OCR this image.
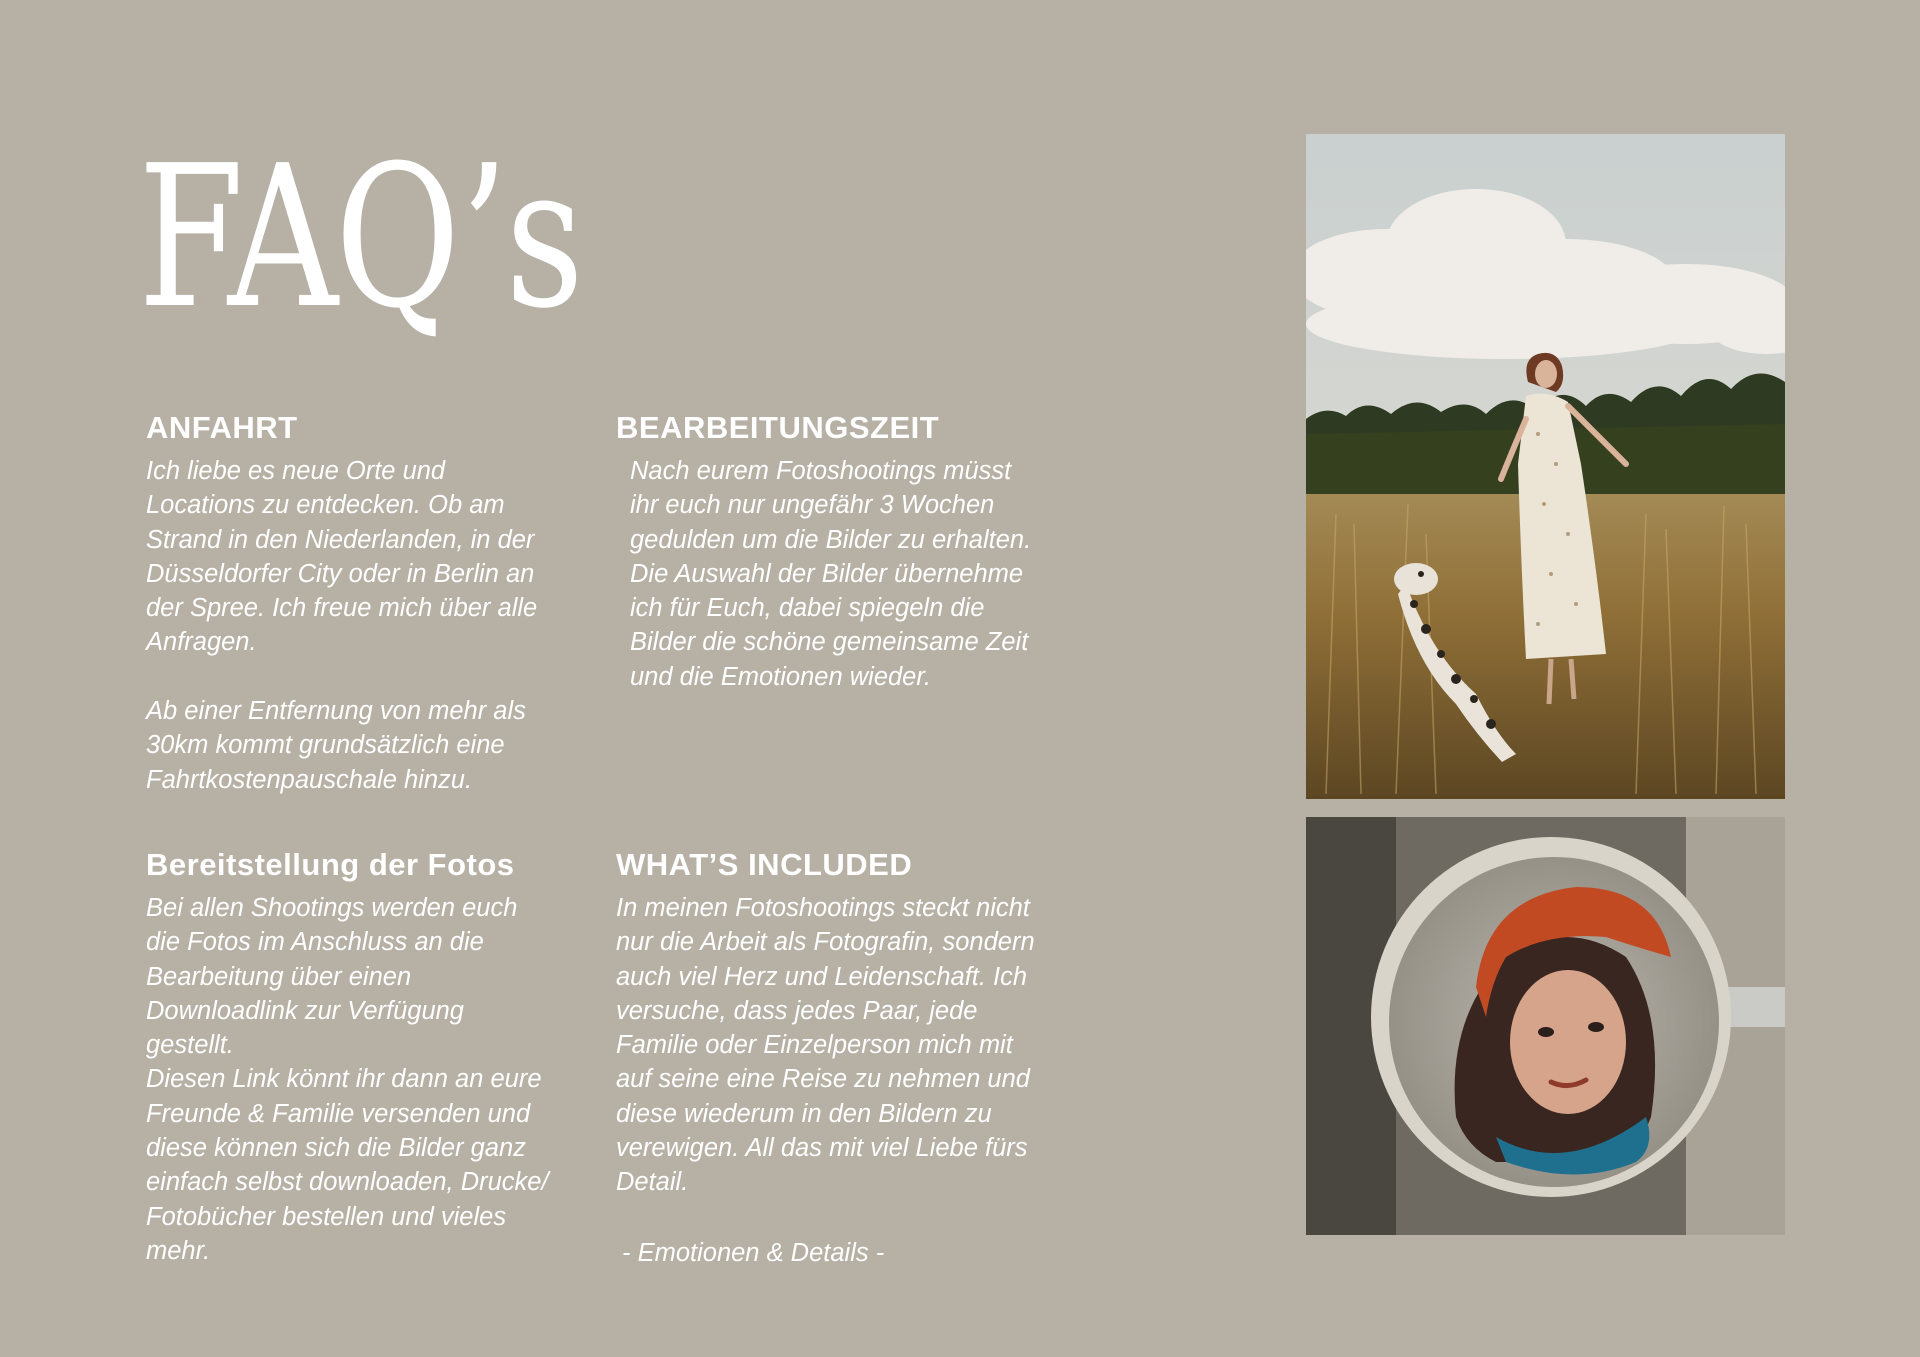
FAQ’s
ANFAHRT
Ich liebe es neue Orte und
Locations zu entdecken. Ob am
Strand in den Niederlanden, in der
Düsseldorfer City oder in Berlin an
der Spree. Ich freue mich über alle
Anfragen.

Ab einer Entfernung von mehr als
30km kommt grundsätzlich eine
Fahrtkostenpauschale hinzu.
BEARBEITUNGSZEIT
Nach eurem Fotoshootings müsst
ihr euch nur ungefähr 3 Wochen
gedulden um die Bilder zu erhalten.
Die Auswahl der Bilder übernehme
ich für Euch, dabei spiegeln die
Bilder die schöne gemeinsame Zeit
und die Emotionen wieder.
Bereitstellung der Fotos
Bei allen Shootings werden euch
die Fotos im Anschluss an die
Bearbeitung über einen
Downloadlink zur Verfügung
gestellt.
Diesen Link könnt ihr dann an eure
Freunde & Familie versenden und
diese können sich die Bilder ganz
einfach selbst downloaden, Drucke/
Fotobücher bestellen und vieles
mehr.
WHAT’S INCLUDED
In meinen Fotoshootings steckt nicht
nur die Arbeit als Fotografin, sondern
auch viel Herz und Leidenschaft. Ich
versuche, dass jedes Paar, jede
Familie oder Einzelperson mich mit
auf seine eine Reise zu nehmen und
diese wiederum in den Bildern zu
verewigen. All das mit viel Liebe fürs
Detail.
- Emotionen & Details -
